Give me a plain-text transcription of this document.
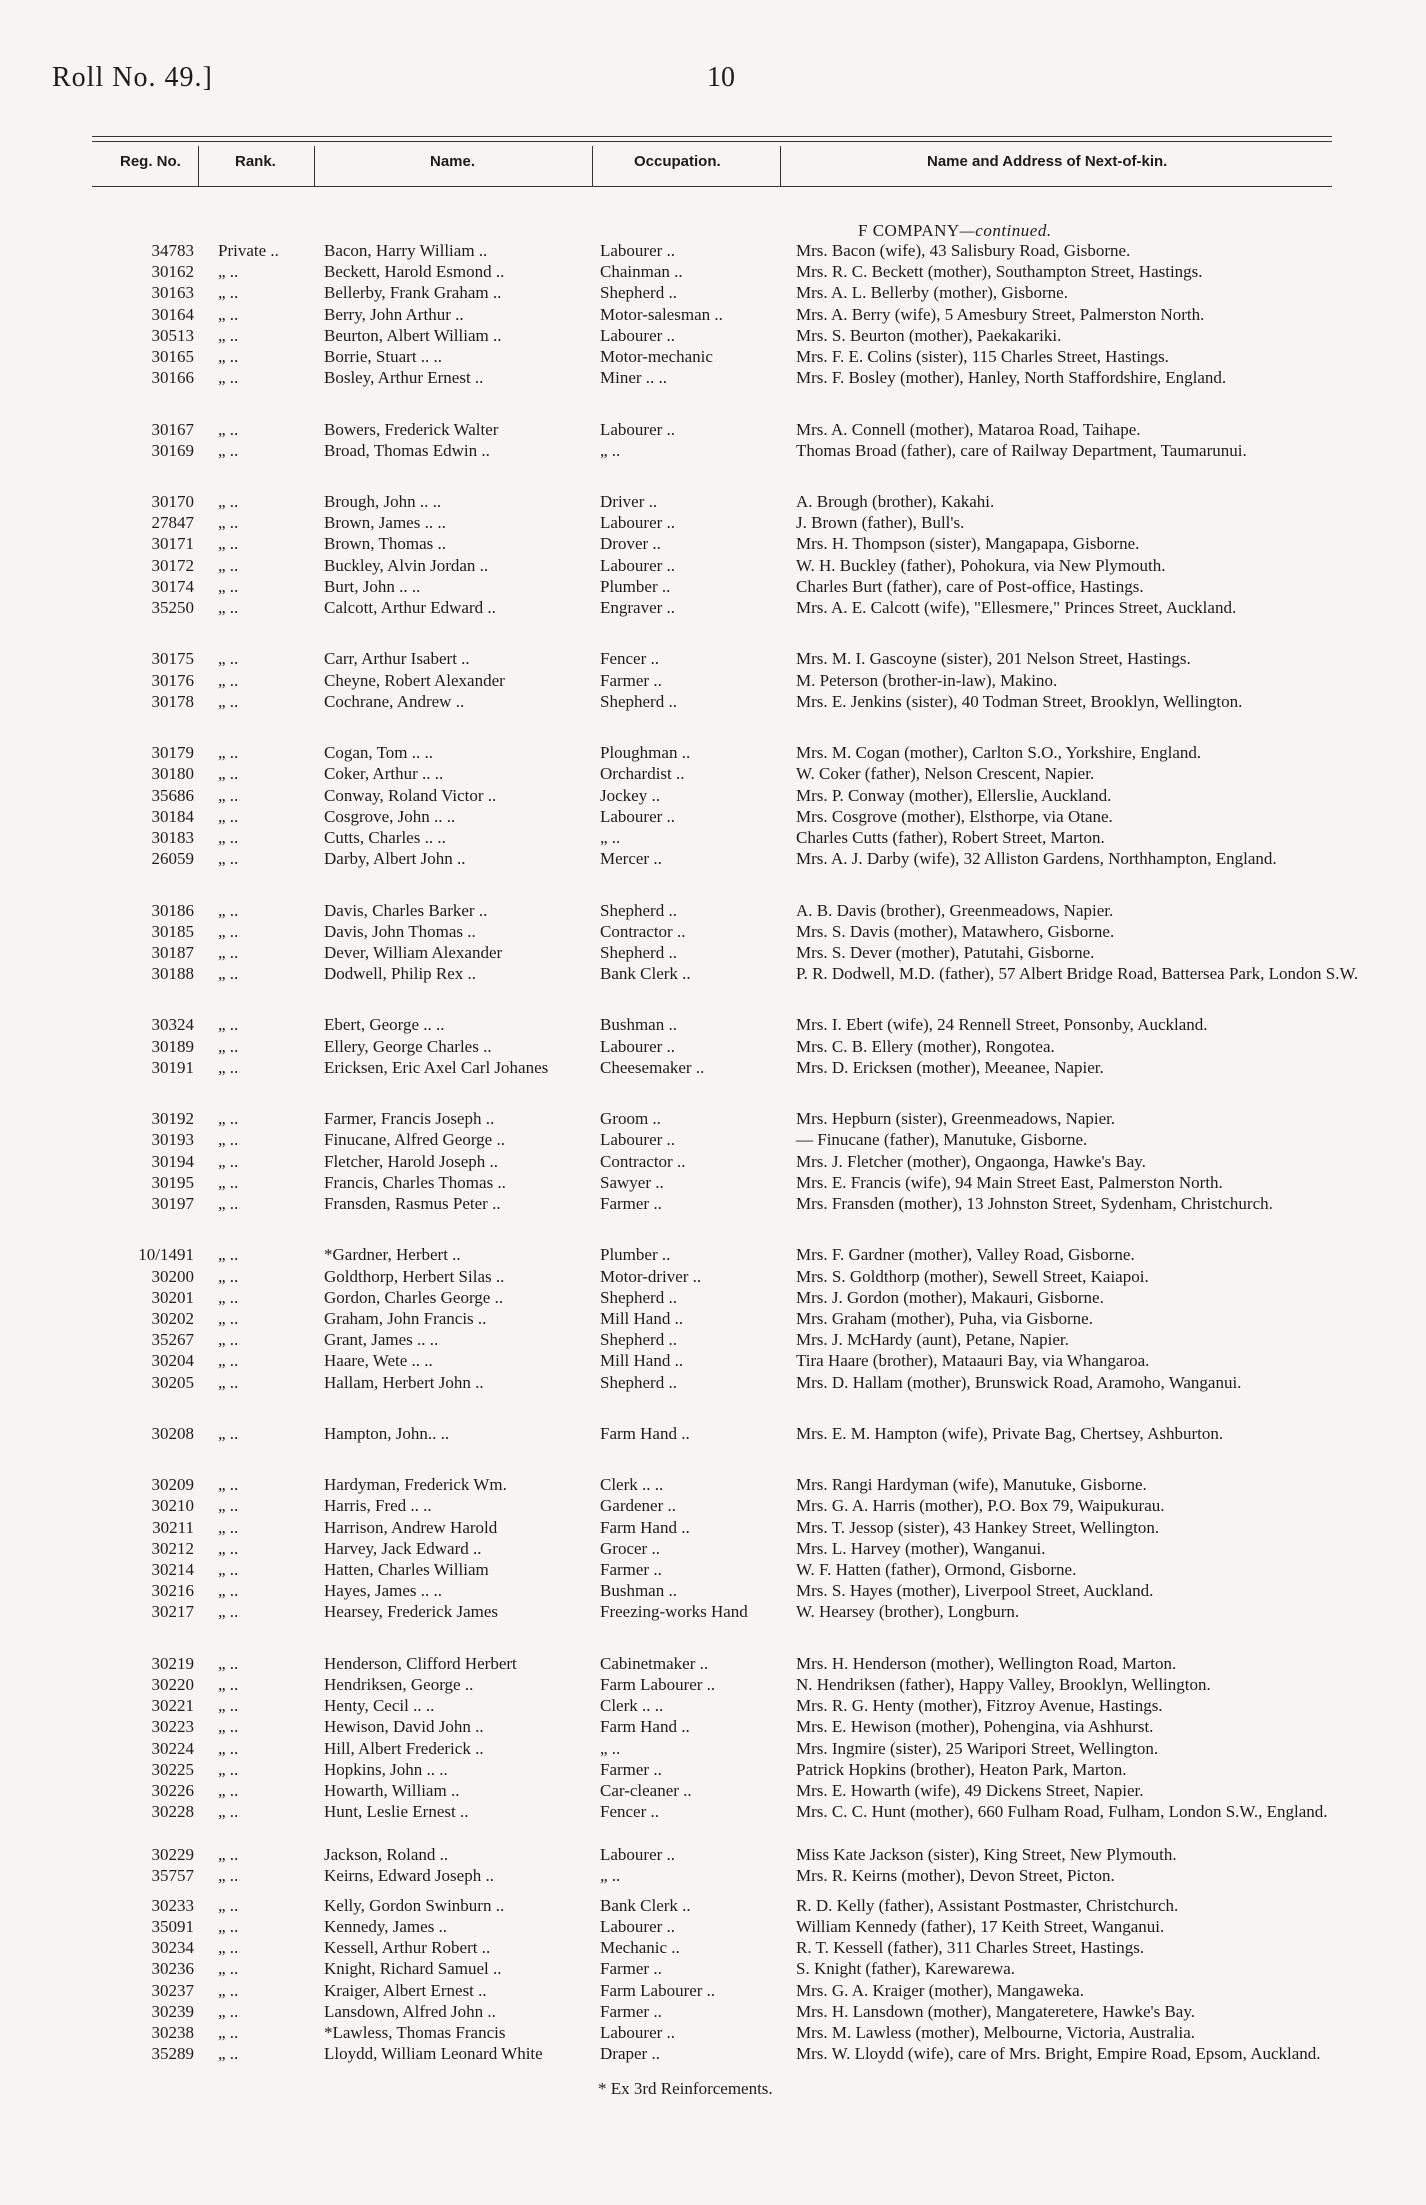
Roll No. 49.]	10
Reg. No.	Rank.	Name.	Occupation.	Name and Address of Next-of-kin.
F COMPANY—continued.
34783 Private ..	Bacon, Harry William ..	Labourer ..	Mrs. Bacon (wife), 43 Salisbury Road, Gisborne.
30162 „ ..	Beckett, Harold Esmond ..	Chainman ..	Mrs. R. C. Beckett (mother), Southampton Street, Hastings.
30163 „ ..	Bellerby, Frank Graham ..	Shepherd ..	Mrs. A. L. Bellerby (mother), Gisborne.
30164 „ ..	Berry, John Arthur ..	Motor-salesman ..	Mrs. A. Berry (wife), 5 Amesbury Street, Palmerston North.
30513 „ ..	Beurton, Albert William ..	Labourer ..	Mrs. S. Beurton (mother), Paekakariki.
30165 „ ..	Borrie, Stuart .. ..	Motor-mechanic	Mrs. F. E. Colins (sister), 115 Charles Street, Hastings.
30166 „ ..	Bosley, Arthur Ernest ..	Miner .. ..	Mrs. F. Bosley (mother), Hanley, North Staffordshire, England.
30167 „ ..	Bowers, Frederick Walter	Labourer ..	Mrs. A. Connell (mother), Mataroa Road, Taihape.
30169 „ ..	Broad, Thomas Edwin ..	„ ..	Thomas Broad (father), care of Railway Department, Taumarunui.
30170 „ ..	Brough, John .. ..	Driver ..	A. Brough (brother), Kakahi.
27847 „ ..	Brown, James .. ..	Labourer ..	J. Brown (father), Bull's.
30171 „ ..	Brown, Thomas ..	Drover ..	Mrs. H. Thompson (sister), Mangapapa, Gisborne.
30172 „ ..	Buckley, Alvin Jordan ..	Labourer ..	W. H. Buckley (father), Pohokura, via New Plymouth.
30174 „ ..	Burt, John .. ..	Plumber ..	Charles Burt (father), care of Post-office, Hastings.
35250 „ ..	Calcott, Arthur Edward ..	Engraver ..	Mrs. A. E. Calcott (wife), "Ellesmere," Princes Street, Auckland.
30175 „ ..	Carr, Arthur Isabert ..	Fencer ..	Mrs. M. I. Gascoyne (sister), 201 Nelson Street, Hastings.
30176 „ ..	Cheyne, Robert Alexander	Farmer ..	M. Peterson (brother-in-law), Makino.
30178 „ ..	Cochrane, Andrew ..	Shepherd ..	Mrs. E. Jenkins (sister), 40 Todman Street, Brooklyn, Wellington.
30179 „ ..	Cogan, Tom .. ..	Ploughman ..	Mrs. M. Cogan (mother), Carlton S.O., Yorkshire, England.
30180 „ ..	Coker, Arthur .. ..	Orchardist ..	W. Coker (father), Nelson Crescent, Napier.
35686 „ ..	Conway, Roland Victor ..	Jockey ..	Mrs. P. Conway (mother), Ellerslie, Auckland.
30184 „ ..	Cosgrove, John .. ..	Labourer ..	Mrs. Cosgrove (mother), Elsthorpe, via Otane.
30183 „ ..	Cutts, Charles .. ..	„ ..	Charles Cutts (father), Robert Street, Marton.
26059 „ ..	Darby, Albert John ..	Mercer ..	Mrs. A. J. Darby (wife), 32 Alliston Gardens, Northhampton, England.
30186 „ ..	Davis, Charles Barker ..	Shepherd ..	A. B. Davis (brother), Greenmeadows, Napier.
30185 „ ..	Davis, John Thomas ..	Contractor ..	Mrs. S. Davis (mother), Matawhero, Gisborne.
30187 „ ..	Dever, William Alexander	Shepherd ..	Mrs. S. Dever (mother), Patutahi, Gisborne.
30188 „ ..	Dodwell, Philip Rex ..	Bank Clerk ..	P. R. Dodwell, M.D. (father), 57 Albert Bridge Road, Battersea Park, London S.W.
30324 „ ..	Ebert, George .. ..	Bushman ..	Mrs. I. Ebert (wife), 24 Rennell Street, Ponsonby, Auckland.
30189 „ ..	Ellery, George Charles ..	Labourer ..	Mrs. C. B. Ellery (mother), Rongotea.
30191 „ ..	Ericksen, Eric Axel Carl Johanes	Cheesemaker ..	Mrs. D. Ericksen (mother), Meeanee, Napier.
30192 „ ..	Farmer, Francis Joseph ..	Groom ..	Mrs. Hepburn (sister), Greenmeadows, Napier.
30193 „ ..	Finucane, Alfred George ..	Labourer ..	— Finucane (father), Manutuke, Gisborne.
30194 „ ..	Fletcher, Harold Joseph ..	Contractor ..	Mrs. J. Fletcher (mother), Ongaonga, Hawke's Bay.
30195 „ ..	Francis, Charles Thomas ..	Sawyer ..	Mrs. E. Francis (wife), 94 Main Street East, Palmerston North.
30197 „ ..	Fransden, Rasmus Peter ..	Farmer ..	Mrs. Fransden (mother), 13 Johnston Street, Sydenham, Christchurch.
10/1491 „ ..	*Gardner, Herbert ..	Plumber ..	Mrs. F. Gardner (mother), Valley Road, Gisborne.
30200 „ ..	Goldthorp, Herbert Silas ..	Motor-driver ..	Mrs. S. Goldthorp (mother), Sewell Street, Kaiapoi.
30201 „ ..	Gordon, Charles George ..	Shepherd ..	Mrs. J. Gordon (mother), Makauri, Gisborne.
30202 „ ..	Graham, John Francis ..	Mill Hand ..	Mrs. Graham (mother), Puha, via Gisborne.
35267 „ ..	Grant, James .. ..	Shepherd ..	Mrs. J. McHardy (aunt), Petane, Napier.
30204 „ ..	Haare, Wete .. ..	Mill Hand ..	Tira Haare (brother), Mataauri Bay, via Whangaroa.
30205 „ ..	Hallam, Herbert John ..	Shepherd ..	Mrs. D. Hallam (mother), Brunswick Road, Aramoho, Wanganui.
30208 „ ..	Hampton, John.. ..	Farm Hand ..	Mrs. E. M. Hampton (wife), Private Bag, Chertsey, Ashburton.
30209 „ ..	Hardyman, Frederick Wm.	Clerk .. ..	Mrs. Rangi Hardyman (wife), Manutuke, Gisborne.
30210 „ ..	Harris, Fred .. ..	Gardener ..	Mrs. G. A. Harris (mother), P.O. Box 79, Waipukurau.
30211 „ ..	Harrison, Andrew Harold	Farm Hand ..	Mrs. T. Jessop (sister), 43 Hankey Street, Wellington.
30212 „ ..	Harvey, Jack Edward ..	Grocer ..	Mrs. L. Harvey (mother), Wanganui.
30214 „ ..	Hatten, Charles William	Farmer ..	W. F. Hatten (father), Ormond, Gisborne.
30216 „ ..	Hayes, James .. ..	Bushman ..	Mrs. S. Hayes (mother), Liverpool Street, Auckland.
30217 „ ..	Hearsey, Frederick James	Freezing-works Hand	W. Hearsey (brother), Longburn.
30219 „ ..	Henderson, Clifford Herbert	Cabinetmaker ..	Mrs. H. Henderson (mother), Wellington Road, Marton.
30220 „ ..	Hendriksen, George ..	Farm Labourer ..	N. Hendriksen (father), Happy Valley, Brooklyn, Wellington.
30221 „ ..	Henty, Cecil .. ..	Clerk .. ..	Mrs. R. G. Henty (mother), Fitzroy Avenue, Hastings.
30223 „ ..	Hewison, David John ..	Farm Hand ..	Mrs. E. Hewison (mother), Pohengina, via Ashhurst.
30224 „ ..	Hill, Albert Frederick ..	„ ..	Mrs. Ingmire (sister), 25 Waripori Street, Wellington.
30225 „ ..	Hopkins, John .. ..	Farmer ..	Patrick Hopkins (brother), Heaton Park, Marton.
30226 „ ..	Howarth, William ..	Car-cleaner ..	Mrs. E. Howarth (wife), 49 Dickens Street, Napier.
30228 „ ..	Hunt, Leslie Ernest ..	Fencer ..	Mrs. C. C. Hunt (mother), 660 Fulham Road, Fulham, London S.W., England.
30229 „ ..	Jackson, Roland ..	Labourer ..	Miss Kate Jackson (sister), King Street, New Plymouth.
35757 „ ..	Keirns, Edward Joseph ..	„ ..	Mrs. R. Keirns (mother), Devon Street, Picton.
30233 „ ..	Kelly, Gordon Swinburn ..	Bank Clerk ..	R. D. Kelly (father), Assistant Postmaster, Christchurch.
35091 „ ..	Kennedy, James ..	Labourer ..	William Kennedy (father), 17 Keith Street, Wanganui.
30234 „ ..	Kessell, Arthur Robert ..	Mechanic ..	R. T. Kessell (father), 311 Charles Street, Hastings.
30236 „ ..	Knight, Richard Samuel ..	Farmer ..	S. Knight (father), Karewarewa.
30237 „ ..	Kraiger, Albert Ernest ..	Farm Labourer ..	Mrs. G. A. Kraiger (mother), Mangaweka.
30239 „ ..	Lansdown, Alfred John ..	Farmer ..	Mrs. H. Lansdown (mother), Mangateretere, Hawke's Bay.
30238 „ ..	*Lawless, Thomas Francis	Labourer ..	Mrs. M. Lawless (mother), Melbourne, Victoria, Australia.
35289 „ ..	Lloydd, William Leonard White	Draper ..	Mrs. W. Lloydd (wife), care of Mrs. Bright, Empire Road, Epsom, Auckland.
* Ex 3rd Reinforcements.
